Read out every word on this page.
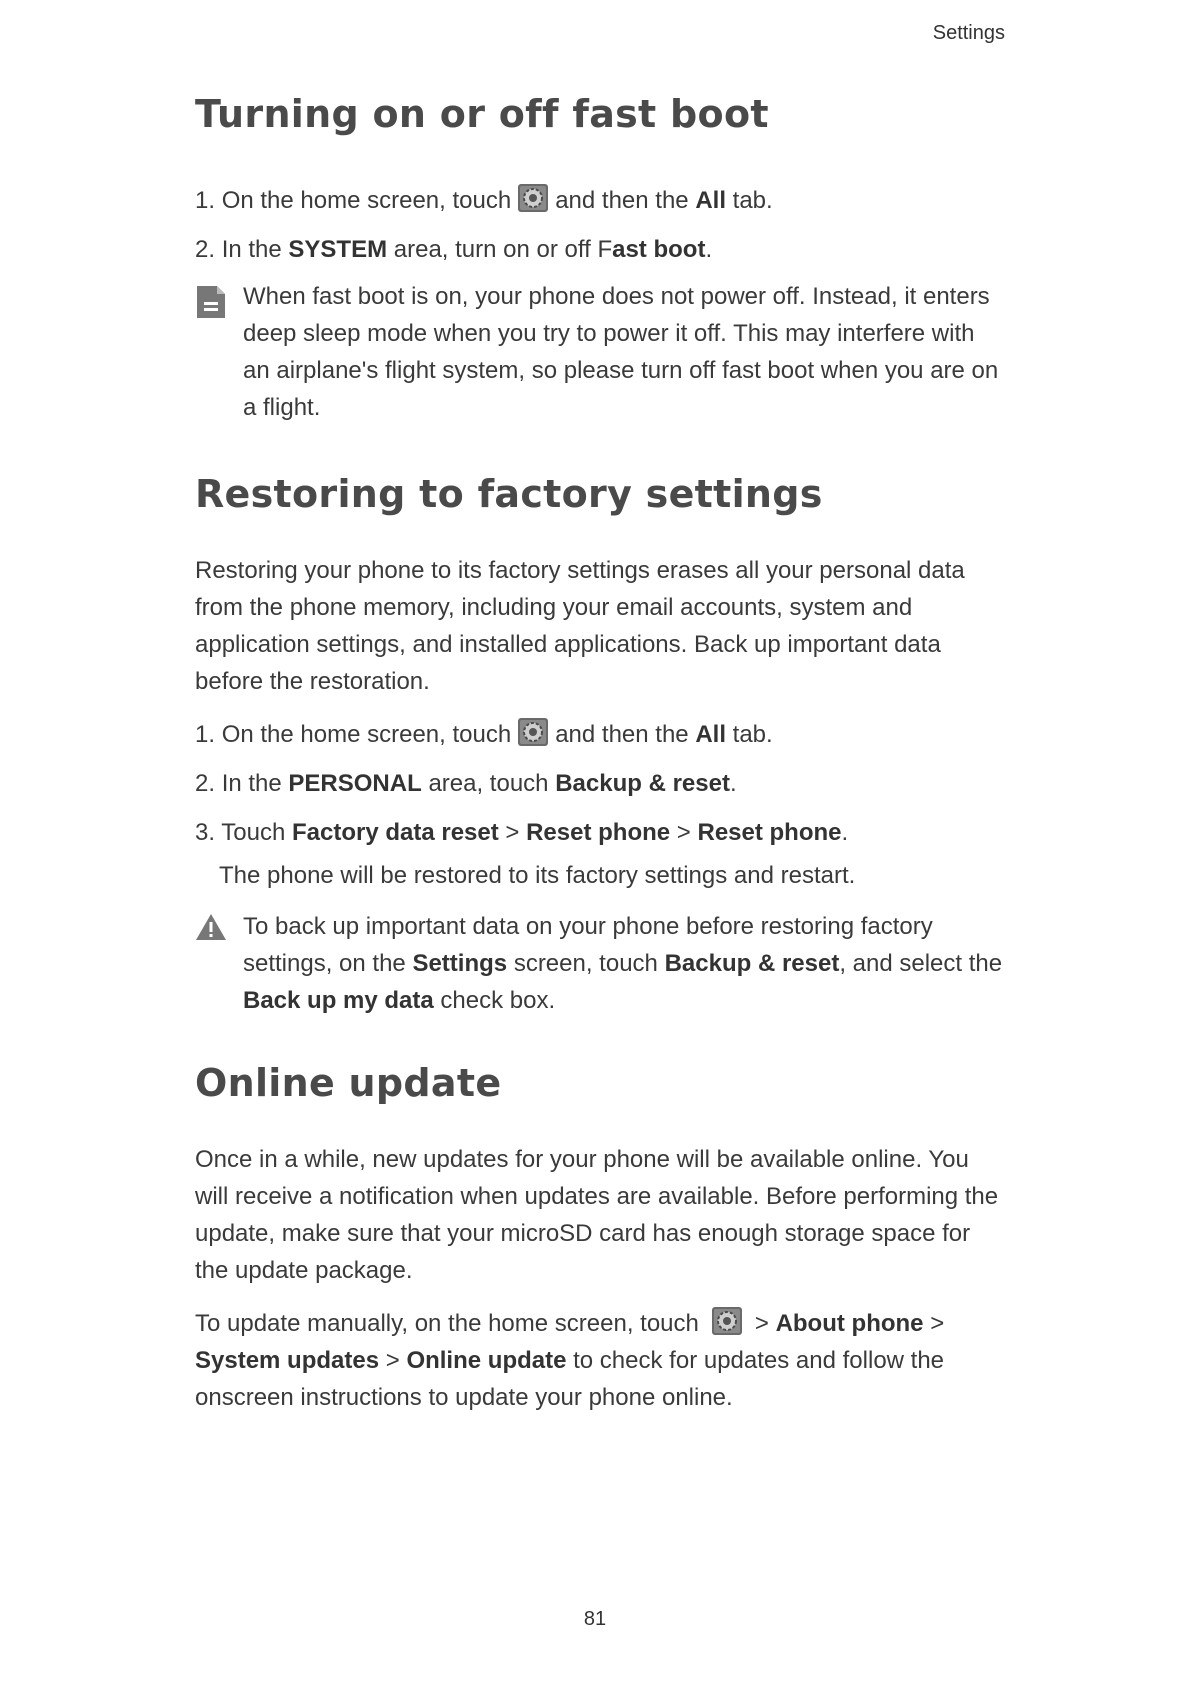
Settings
Turning on or off fast boot

1. On the home screen, touch and then the All tab.

2. In the SYSTEM area, turn on or off Fast boot.

When fast boot is on, your phone does not power off. Instead, it enters deep sleep mode when you try to power it off. This may interfere with an airplane's flight system, so please turn off fast boot when you are on a flight.
Restoring to factory settings

Restoring your phone to its factory settings erases all your personal data from the phone memory, including your email accounts, system and application settings, and installed applications. Back up important data before the restoration.

1. On the home screen, touch and then the All tab.

2. In the PERSONAL area, touch Backup & reset.

3. Touch Factory data reset > Reset phone > Reset phone.

The phone will be restored to its factory settings and restart.

To back up important data on your phone before restoring factory settings, on the Settings screen, touch Backup & reset, and select the Back up my data check box.
Online update

Once in a while, new updates for your phone will be available online. You will receive a notification when updates are available. Before performing the update, make sure that your microSD card has enough storage space for the update package.

To update manually, on the home screen, touch > About phone > System updates > Online update to check for updates and follow the onscreen instructions to update your phone online.

81
